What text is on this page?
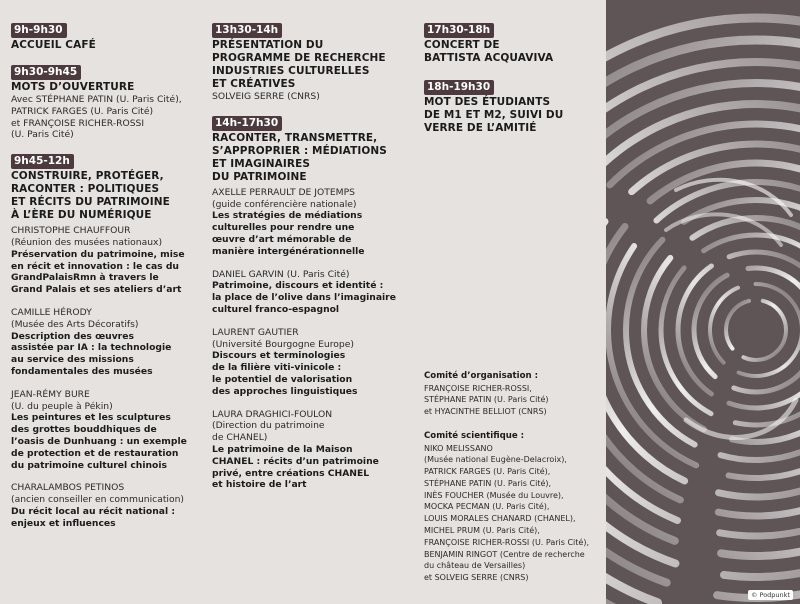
9h-9h30
ACCUEIL CAFÉ
9h30-9h45
MOTS D’OUVERTURE
Avec STÉPHANE PATIN (U. Paris Cité),
PATRICK FARGES (U. Paris Cité)
et FRANÇOISE RICHER-ROSSI
(U. Paris Cité)
9h45-12h
CONSTRUIRE, PROTÉGER,
RACONTER : POLITIQUES
ET RÉCITS DU PATRIMOINE
À L’ÈRE DU NUMÉRIQUE
CHRISTOPHE CHAUFFOUR
(Réunion des musées nationaux)
Préservation du patrimoine, mise
en récit et innovation : le cas du
GrandPalaisRmn à travers le
Grand Palais et ses ateliers d’art
CAMILLE HÉRODY
(Musée des Arts Décoratifs)
Description des œuvres
assistée par IA : la technologie
au service des missions
fondamentales des musées
JEAN-RÉMY BURE
(U. du peuple à Pékin)
Les peintures et les sculptures
des grottes bouddhiques de
l’oasis de Dunhuang : un exemple
de protection et de restauration
du patrimoine culturel chinois
CHARALAMBOS PETINOS
(ancien conseiller en communication)
Du récit local au récit national :
enjeux et influences
13h30-14h
PRÉSENTATION DU
PROGRAMME DE RECHERCHE
INDUSTRIES CULTURELLES
ET CRÉATIVES
SOLVEIG SERRE (CNRS)
14h-17h30
RACONTER, TRANSMETTRE,
S’APPROPRIER : MÉDIATIONS
ET IMAGINAIRES
DU PATRIMOINE
AXELLE PERRAULT DE JOTEMPS
(guide conférencière nationale)
Les stratégies de médiations
culturelles pour rendre une
œuvre d’art mémorable de
manière intergénérationnelle
DANIEL GARVIN (U. Paris Cité)
Patrimoine, discours et identité :
la place de l’olive dans l’imaginaire
culturel franco-espagnol
LAURENT GAUTIER
(Université Bourgogne Europe)
Discours et terminologies
de la filière viti-vinicole :
le potentiel de valorisation
des approches linguistiques
LAURA DRAGHICI-FOULON
(Direction du patrimoine
de CHANEL)
Le patrimoine de la Maison
CHANEL : récits d’un patrimoine
privé, entre créations CHANEL
et histoire de l’art
17h30-18h
CONCERT DE
BATTISTA ACQUAVIVA
18h-19h30
MOT DES ÉTUDIANTS
DE M1 ET M2, SUIVI DU
VERRE DE L’AMITIÉ
Comité d’organisation :
FRANÇOISE RICHER-ROSSI,
STÉPHANE PATIN (U. Paris Cité)
et HYACINTHE BELLIOT (CNRS)
Comité scientifique :
NIKO MELISSANO
(Musée national Eugène-Delacroix),
PATRICK FARGES (U. Paris Cité),
STÉPHANE PATIN (U. Paris Cité),
INÈS FOUCHER (Musée du Louvre),
MOCKA PECMAN (U. Paris Cité),
LOUIS MORALES CHANARD (CHANEL),
MICHEL PRUM (U. Paris Cité),
FRANÇOISE RICHER-ROSSI (U. Paris Cité),
BENJAMIN RINGOT (Centre de recherche
du château de Versailles)
et SOLVEIG SERRE (CNRS)
© Podpunkt
